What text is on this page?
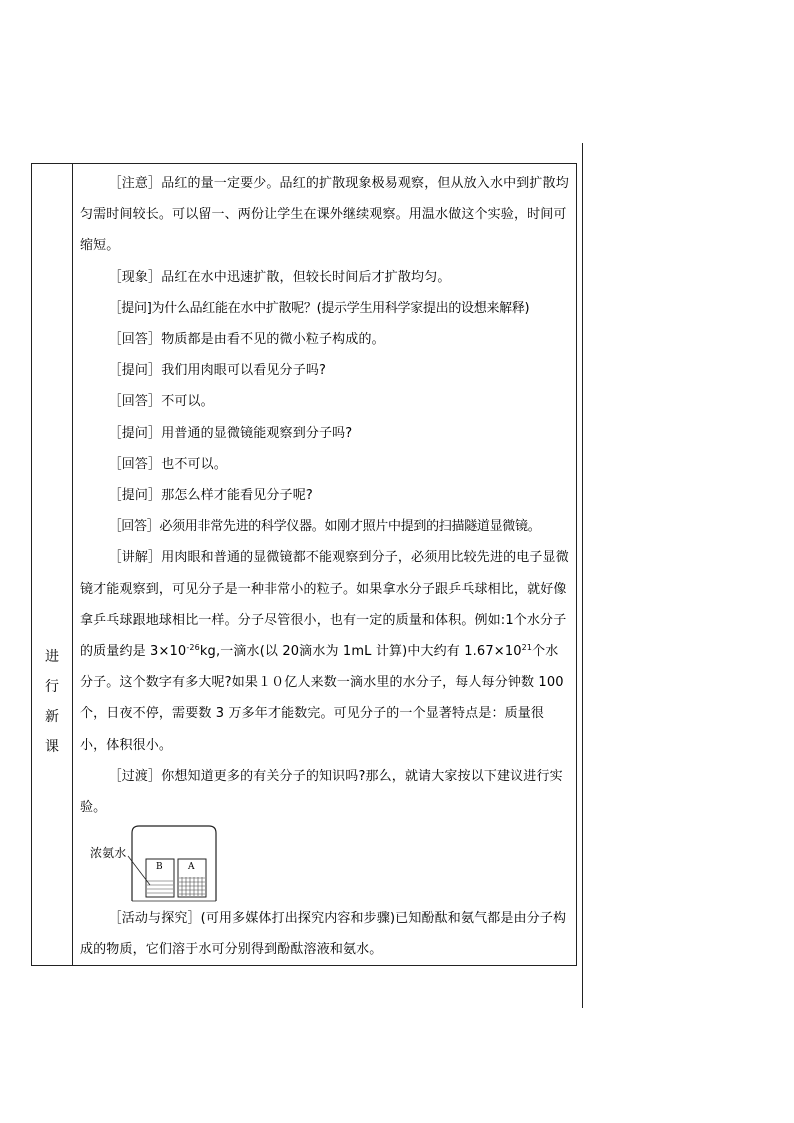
进
行
新
课

［注意］品红的量一定要少。品红的扩散现象极易观察，但从放入水中到扩散均匀需时间较长。可以留一、两份让学生在课外继续观察。用温水做这个实验，时间可缩短。

［现象］品红在水中迅速扩散，但较长时间后才扩散均匀。

［提问]为什么品红能在水中扩散呢？(提示学生用科学家提出的设想来解释)

［回答］物质都是由看不见的微小粒子构成的。

［提问］我们用肉眼可以看见分子吗?

［回答］不可以。

［提问］用普通的显微镜能观察到分子吗?

［回答］也不可以。

［提问］那怎么样才能看见分子呢?

［回答］必须用非常先进的科学仪器。如刚才照片中提到的扫描隧道显微镜。

［讲解］用肉眼和普通的显微镜都不能观察到分子，必须用比较先进的电子显微镜才能观察到，可见分子是一种非常小的粒子。如果拿水分子跟乒乓球相比，就好像拿乒乓球跟地球相比一样。分子尽管很小，也有一定的质量和体积。例如:1个水分子的质量约是 $3\times 10^{-26}kg$,一滴水(以 20滴水为 1mL 计算)中大约有 $1.67\times 10^{21}$个水分子。这个数字有多大呢?如果１０亿人来数一滴水里的水分子，每人每分钟数 100 个，日夜不停，需要数 3 万多年才能数完。可见分子的一个显著特点是：质量很小，体积很小。

［过渡］你想知道更多的有关分子的知识吗?那么，就请大家按以下建议进行实验。

浓氨水
B	A

［活动与探究］(可用多媒体打出探究内容和步骤)已知酚酞和氨气都是由分子构成的物质，它们溶于水可分别得到酚酞溶液和氨水。
